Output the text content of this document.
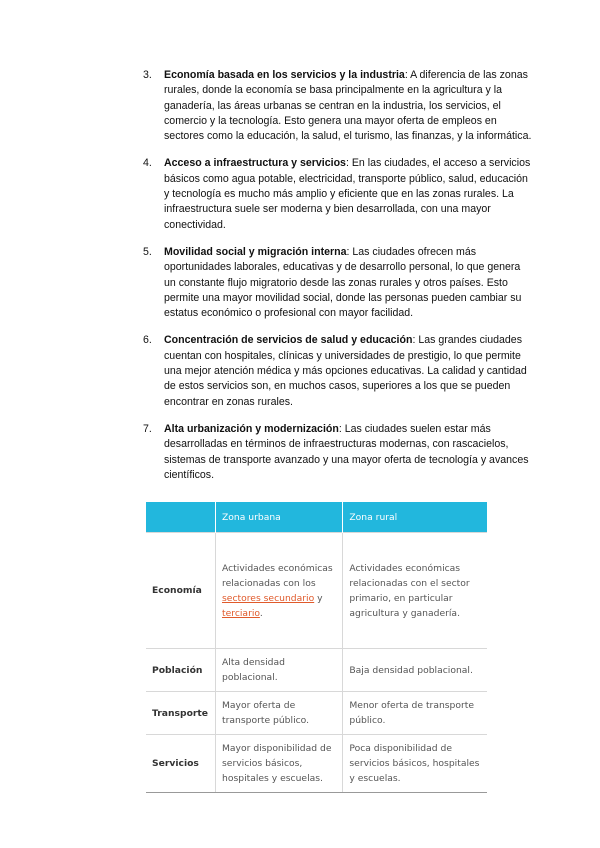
3. Economía basada en los servicios y la industria: A diferencia de las zonas rurales, donde la economía se basa principalmente en la agricultura y la ganadería, las áreas urbanas se centran en la industria, los servicios, el comercio y la tecnología. Esto genera una mayor oferta de empleos en sectores como la educación, la salud, el turismo, las finanzas, y la informática.
4. Acceso a infraestructura y servicios: En las ciudades, el acceso a servicios básicos como agua potable, electricidad, transporte público, salud, educación y tecnología es mucho más amplio y eficiente que en las zonas rurales. La infraestructura suele ser moderna y bien desarrollada, con una mayor conectividad.
5. Movilidad social y migración interna: Las ciudades ofrecen más oportunidades laborales, educativas y de desarrollo personal, lo que genera un constante flujo migratorio desde las zonas rurales y otros países. Esto permite una mayor movilidad social, donde las personas pueden cambiar su estatus económico o profesional con mayor facilidad.
6. Concentración de servicios de salud y educación: Las grandes ciudades cuentan con hospitales, clínicas y universidades de prestigio, lo que permite una mejor atención médica y más opciones educativas. La calidad y cantidad de estos servicios son, en muchos casos, superiores a los que se pueden encontrar en zonas rurales.
7. Alta urbanización y modernización: Las ciudades suelen estar más desarrolladas en términos de infraestructuras modernas, con rascacielos, sistemas de transporte avanzado y una mayor oferta de tecnología y avances científicos.
	Zona urbana	Zona rural
Economía	Actividades económicas relacionadas con los sectores secundario y terciario.	Actividades económicas relacionadas con el sector primario, en particular agricultura y ganadería.
Población	Alta densidad poblacional.	Baja densidad poblacional.
Transporte	Mayor oferta de transporte público.	Menor oferta de transporte público.
Servicios	Mayor disponibilidad de servicios básicos, hospitales y escuelas.	Poca disponibilidad de servicios básicos, hospitales y escuelas.
